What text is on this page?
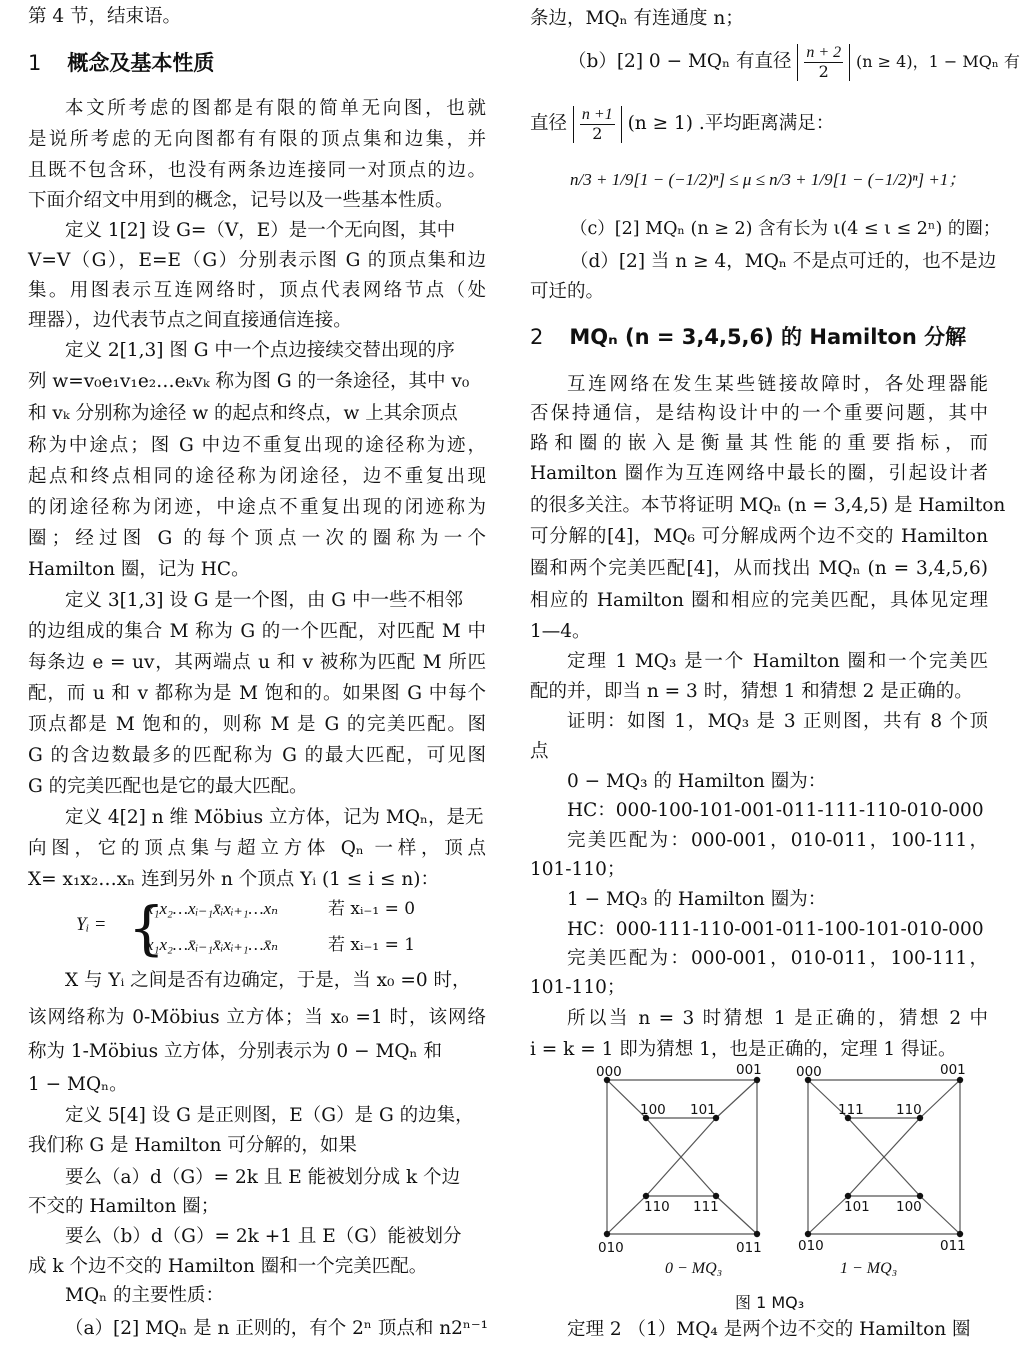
第 4 节，结束语。
1 概念及基本性质
本文所考虑的图都是有限的简单无向图，也就
是说所考虑的无向图都有有限的顶点集和边集，并
且既不包含环，也没有两条边连接同一对顶点的边。
下面介绍文中用到的概念，记号以及一些基本性质。
定义 1[2] 设 G=（V，E）是一个无向图，其中
V=V（G），E=E（G）分别表示图 G 的顶点集和边
集。用图表示互连网络时，顶点代表网络节点（处
理器），边代表节点之间直接通信连接。
定义 2[1,3] 图 G 中一个点边接续交替出现的序
列 w=v₀e₁v₁e₂…eₖvₖ 称为图 G 的一条途径，其中 v₀
和 vₖ 分别称为途径 w 的起点和终点，w 上其余顶点
称为中途点；图 G 中边不重复出现的途径称为迹，
起点和终点相同的途径称为闭途径，边不重复出现
的闭途径称为闭迹，中途点不重复出现的闭迹称为
圈；经过图 G 的每个顶点一次的圈称为一个
Hamilton 圈，记为 HC。
定义 3[1,3] 设 G 是一个图，由 G 中一些不相邻
的边组成的集合 M 称为 G 的一个匹配，对匹配 M 中
每条边 e = uv，其两端点 u 和 v 被称为匹配 M 所匹
配，而 u 和 v 都称为是 M 饱和的。如果图 G 中每个
顶点都是 M 饱和的，则称 M 是 G 的完美匹配。图
G 的含边数最多的匹配称为 G 的最大匹配，可见图
G 的完美匹配也是它的最大匹配。
定义 4[2] n 维 Möbius 立方体，记为 MQₙ，是无
向图，它的顶点集与超立方体 Qₙ 一样，顶点
X= x₁x₂…xₙ 连到另外 n 个顶点 Yᵢ (1 ≤ i ≤ n)：
Yᵢ = {
x₁x₂…xᵢ₋₁x̄ᵢxᵢ₊₁…xₙ	若 xᵢ₋₁ = 0
x₁x₂…x̄ᵢ₋₁x̄ᵢxᵢ₊₁…x̄ₙ	若 xᵢ₋₁ = 1
X 与 Yᵢ 之间是否有边确定，于是，当 x₀ =0 时，
该网络称为 0-Möbius 立方体；当 x₀ =1 时，该网络
称为 1-Möbius 立方体，分别表示为 0 − MQₙ 和
1 − MQₙ。
定义 5[4] 设 G 是正则图，E（G）是 G 的边集，
我们称 G 是 Hamilton 可分解的，如果
要么（a）d（G）= 2k 且 E 能被划分成 k 个边
不交的 Hamilton 圈；
要么（b）d（G）= 2k +1 且 E（G）能被划分
成 k 个边不交的 Hamilton 圈和一个完美匹配。
MQₙ 的主要性质：
（a）[2] MQₙ 是 n 正则的，有个 2ⁿ 顶点和 n2ⁿ⁻¹
条边，MQₙ 有连通度 n；
（b）[2] 0 − MQₙ 有直径 $\frac{n + 2}{2} (n \ge 4)$，1 − MQₙ 有
直径 $\frac{n +1}{2} (n \ge 1)$ .平均距离满足：
n/3 + 1/9[1 − (−1/2)ⁿ] ≤ μ ≤ n/3 + 1/9[1 − (−1/2)ⁿ] +1；
（c）[2] MQₙ (n ≥ 2) 含有长为 ι(4 ≤ ι ≤ 2ⁿ) 的圈；
（d）[2] 当 n ≥ 4，MQₙ 不是点可迁的，也不是边
可迁的。
2 MQₙ (n = 3,4,5,6) 的 Hamilton 分解
互连网络在发生某些链接故障时，各处理器能
否保持通信，是结构设计中的一个重要问题，其中
路和圈的嵌入是衡量其性能的重要指标，而
Hamilton 圈作为互连网络中最长的圈，引起设计者
的很多关注。本节将证明 MQₙ (n = 3,4,5) 是 Hamilton
可分解的[4]，MQ₆ 可分解成两个边不交的 Hamilton
圈和两个完美匹配[4]，从而找出 MQₙ (n = 3,4,5,6)
相应的 Hamilton 圈和相应的完美匹配，具体见定理
1—4。
定理 1 MQ₃ 是一个 Hamilton 圈和一个完美匹
配的并，即当 n = 3 时，猜想 1 和猜想 2 是正确的。
证明：如图 1，MQ₃ 是 3 正则图，共有 8 个顶
点
0 − MQ₃ 的 Hamilton 圈为：
HC：000-100-101-001-011-111-110-010-000
完美匹配为：000-001，010-011，100-111，
101-110；
1 − MQ₃ 的 Hamilton 圈为：
HC：000-111-110-001-011-100-101-010-000
完美匹配为：000-001，010-011，100-111，
101-110；
所以当 n = 3 时猜想 1 是正确的，猜想 2 中
i = k = 1 即为猜想 1，也是正确的，定理 1 得证。
定理 2 （1）MQ₄ 是两个边不交的 Hamilton 圈
000	001
100 101
110 111
010	011
0 − MQ₃
000	001
111 110
101 100
010	011
1 − MQ₃
图 1 MQ₃
